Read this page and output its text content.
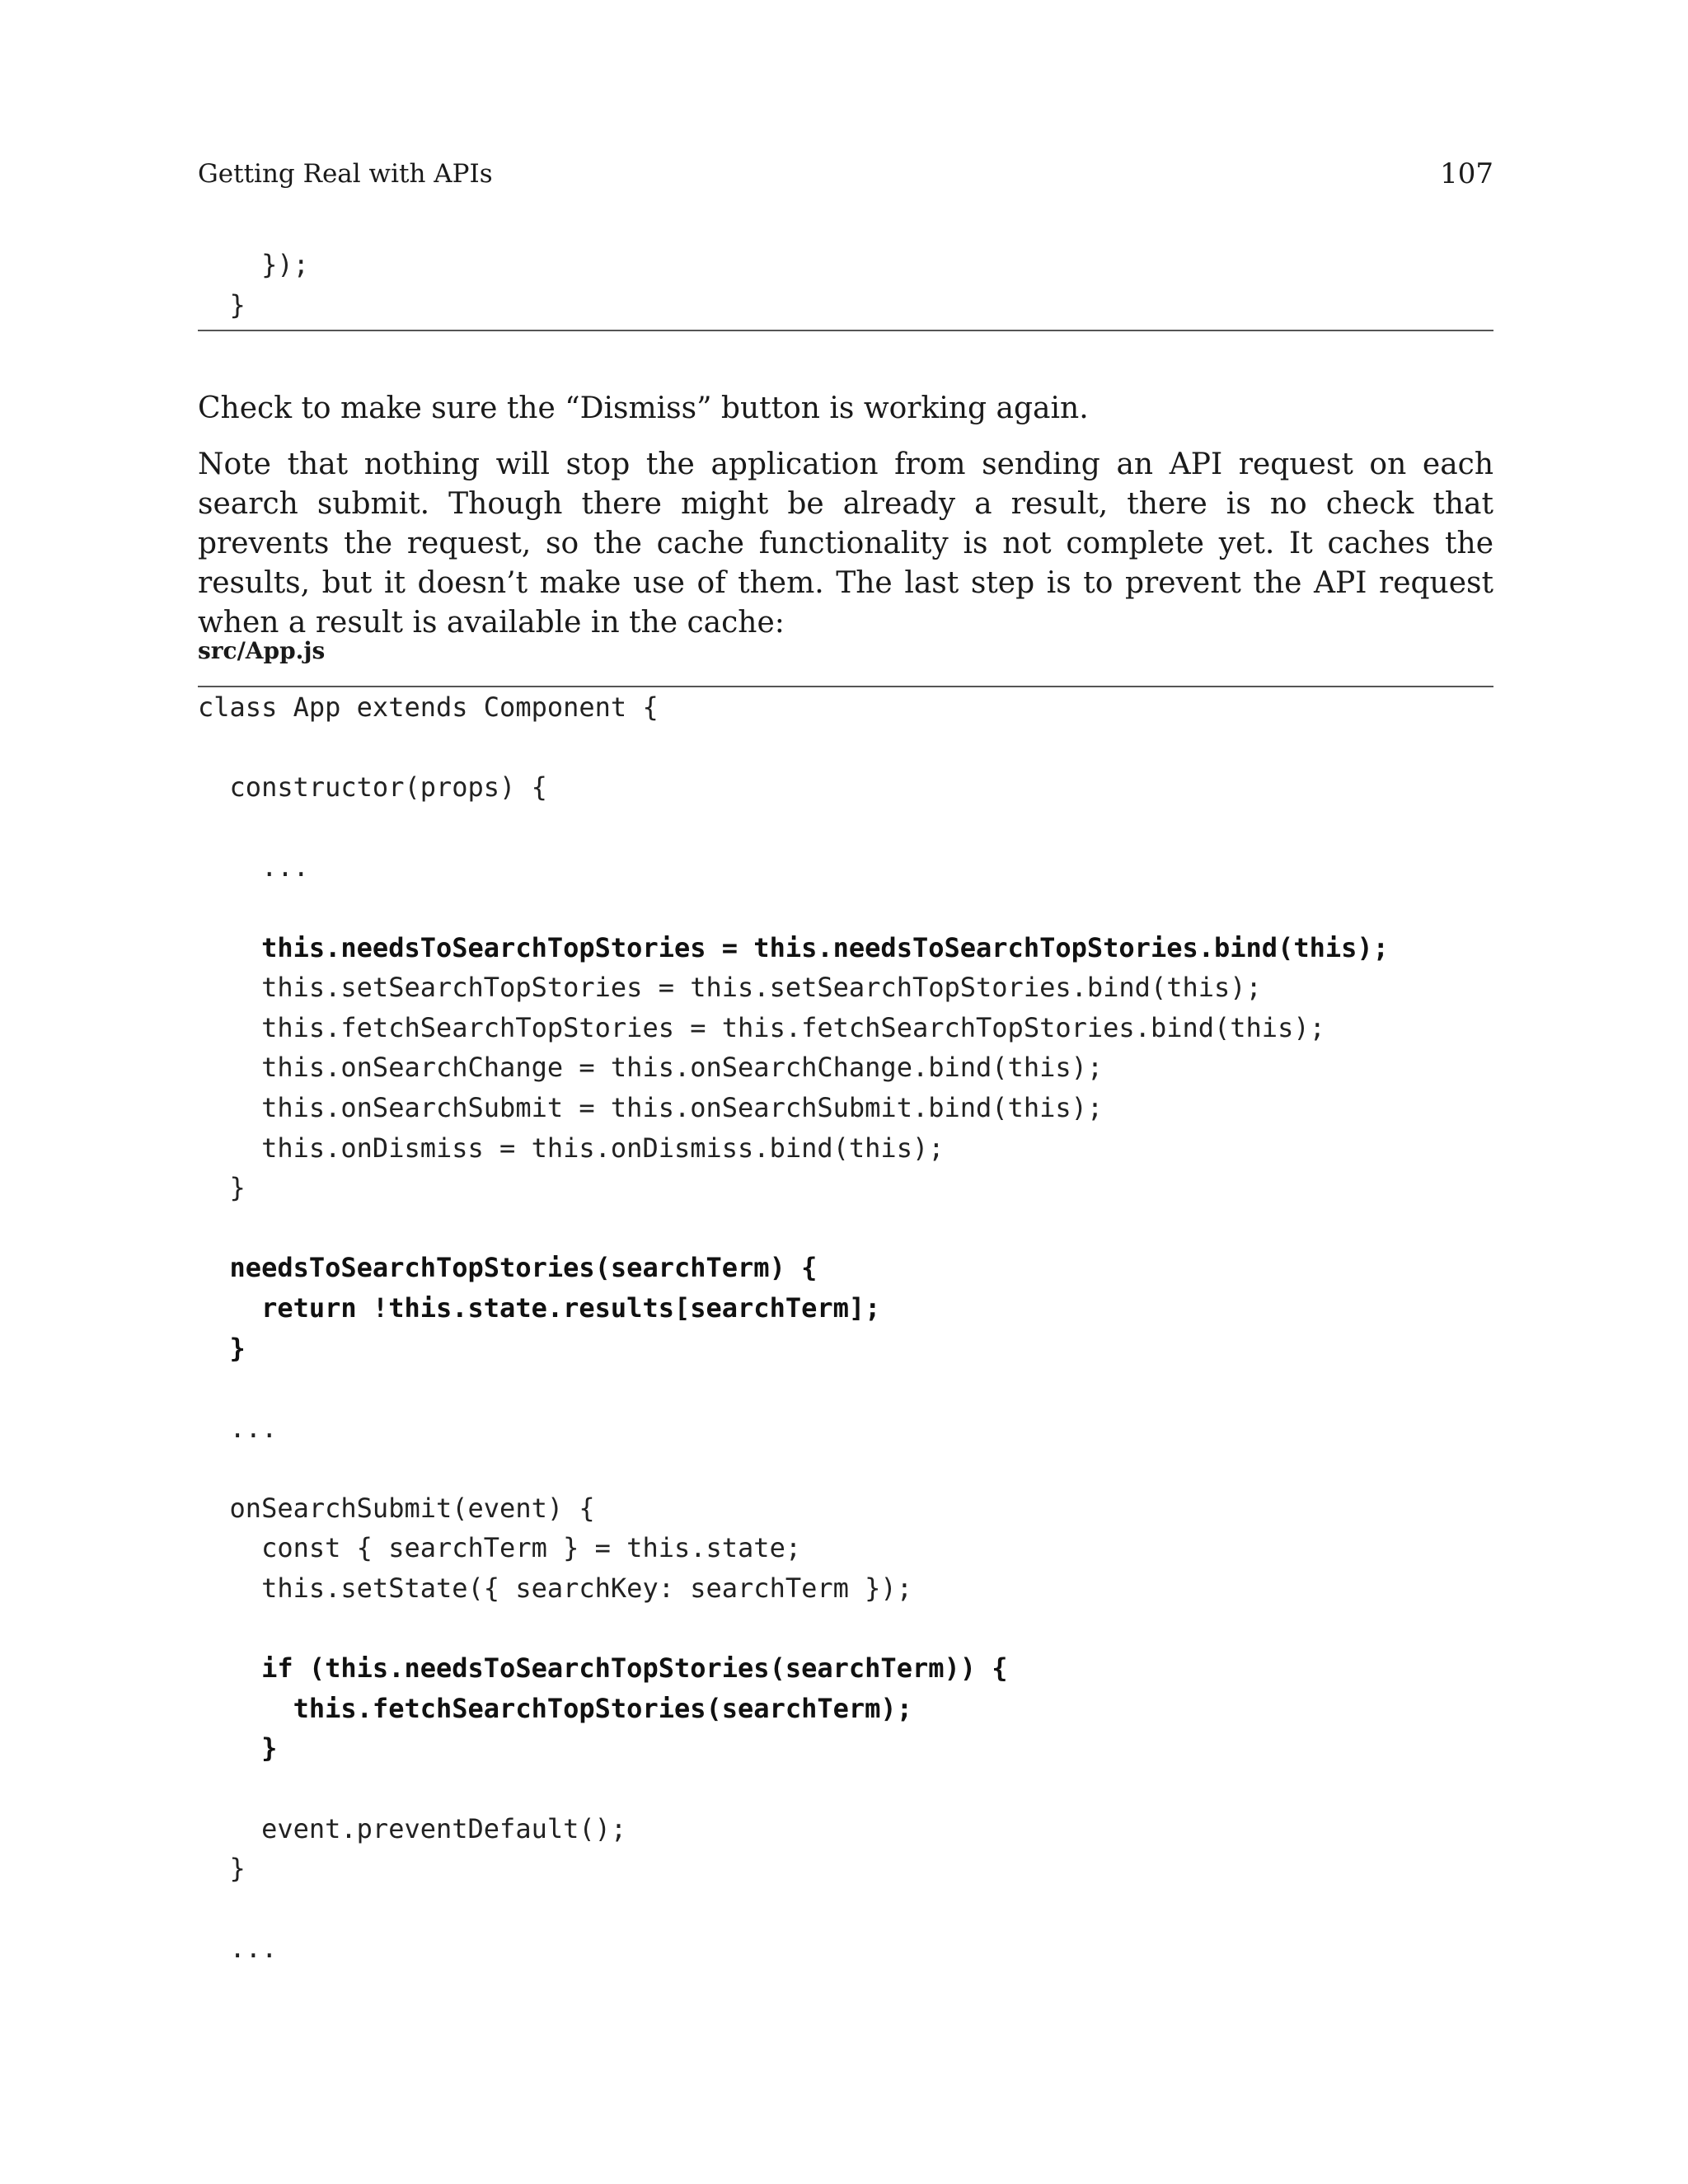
Getting Real with APIs	107
});
}

Check to make sure the “Dismiss” button is working again.

Note that nothing will stop the application from sending an API request on each search submit. Though there might be already a result, there is no check that prevents the request, so the cache functionality is not complete yet. It caches the results, but it doesn’t make use of them. The last step is to prevent the API request when a result is available in the cache:

src/App.js
class App extends Component {
constructor(props) {
...
this.needsToSearchTopStories = this.needsToSearchTopStories.bind(this);
this.setSearchTopStories = this.setSearchTopStories.bind(this);
this.fetchSearchTopStories = this.fetchSearchTopStories.bind(this);
this.onSearchChange = this.onSearchChange.bind(this);
this.onSearchSubmit = this.onSearchSubmit.bind(this);
this.onDismiss = this.onDismiss.bind(this);
}
needsToSearchTopStories(searchTerm) {
return !this.state.results[searchTerm];
}
...
onSearchSubmit(event) {
const { searchTerm } = this.state;
this.setState({ searchKey: searchTerm });
if (this.needsToSearchTopStories(searchTerm)) {
this.fetchSearchTopStories(searchTerm);
}
event.preventDefault();
}
...
